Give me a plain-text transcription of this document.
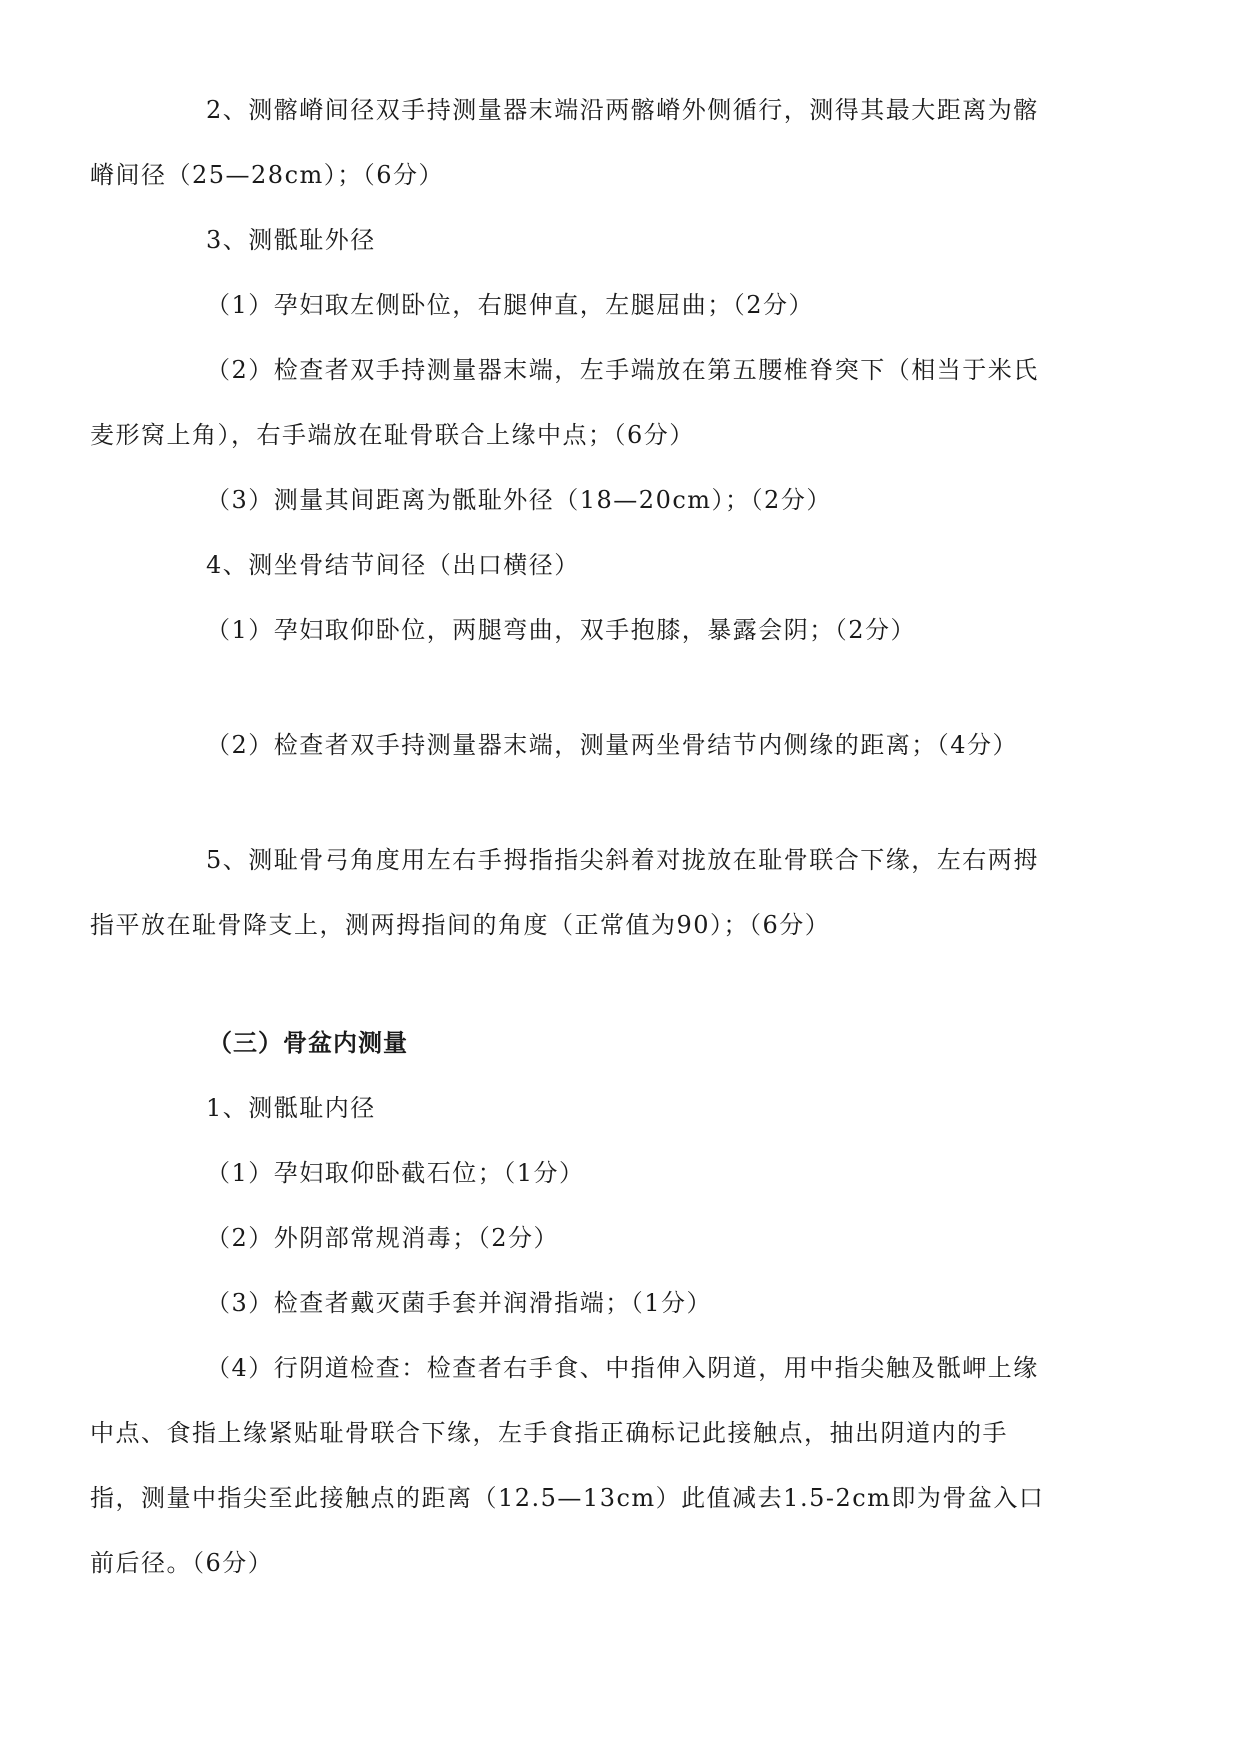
2、测髂嵴间径双手持测量器末端沿两髂嵴外侧循行，测得其最大距离为髂
嵴间径（25—28cm）；（6分）
3、测骶耻外径
（1）孕妇取左侧卧位，右腿伸直，左腿屈曲；（2分）
（2）检查者双手持测量器末端，左手端放在第五腰椎脊突下（相当于米氏
麦形窝上角），右手端放在耻骨联合上缘中点；（6分）
（3）测量其间距离为骶耻外径（18—20cm）；（2分）
4、测坐骨结节间径（出口横径）
（1）孕妇取仰卧位，两腿弯曲，双手抱膝，暴露会阴；（2分）
（2）检查者双手持测量器末端，测量两坐骨结节内侧缘的距离；（4分）
5、测耻骨弓角度用左右手拇指指尖斜着对拢放在耻骨联合下缘，左右两拇
指平放在耻骨降支上，测两拇指间的角度（正常值为90）；（6分）
（三）骨盆内测量
1、测骶耻内径
（1）孕妇取仰卧截石位；（1分）
（2）外阴部常规消毒；（2分）
（3）检查者戴灭菌手套并润滑指端；（1分）
（4）行阴道检查：检查者右手食、中指伸入阴道，用中指尖触及骶岬上缘
中点、食指上缘紧贴耻骨联合下缘，左手食指正确标记此接触点，抽出阴道内的手
指，测量中指尖至此接触点的距离（12.5—13cm）此值减去1.5-2cm即为骨盆入口
前后径。（6分）
